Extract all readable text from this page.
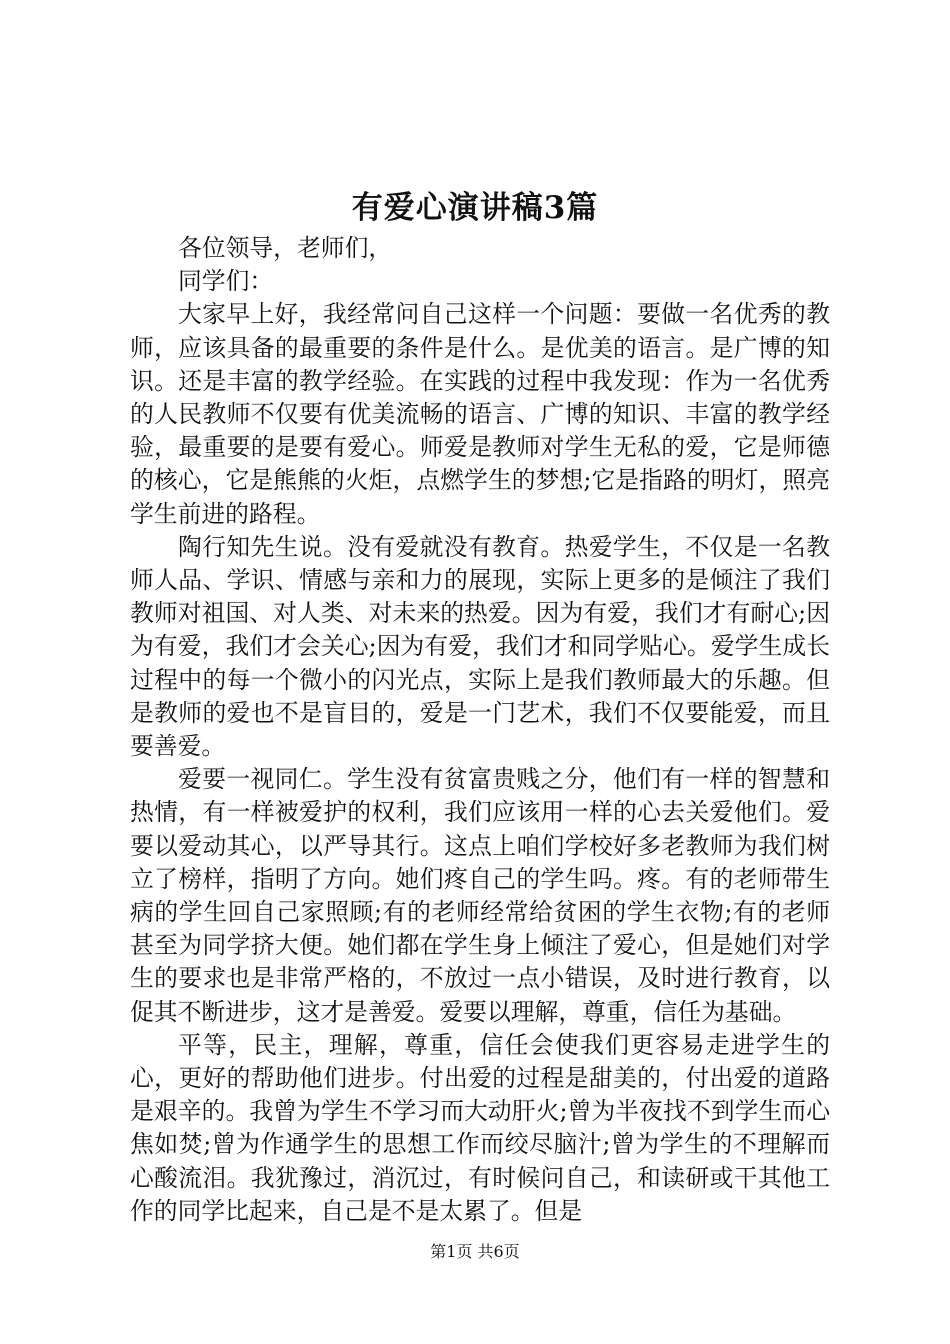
有爱心演讲稿3篇

各位领导，老师们，

同学们：

大家早上好，我经常问自己这样一个问题：要做一名优秀的教师，应该具备的最重要的条件是什么。是优美的语言。是广博的知识。还是丰富的教学经验。在实践的过程中我发现：作为一名优秀的人民教师不仅要有优美流畅的语言、广博的知识、丰富的教学经验，最重要的是要有爱心。师爱是教师对学生无私的爱，它是师德的核心，它是熊熊的火炬，点燃学生的梦想;它是指路的明灯，照亮学生前进的路程。

陶行知先生说。没有爱就没有教育。热爱学生，不仅是一名教师人品、学识、情感与亲和力的展现，实际上更多的是倾注了我们教师对祖国、对人类、对未来的热爱。因为有爱，我们才有耐心;因为有爱，我们才会关心;因为有爱，我们才和同学贴心。爱学生成长过程中的每一个微小的闪光点，实际上是我们教师最大的乐趣。但是教师的爱也不是盲目的，爱是一门艺术，我们不仅要能爱，而且要善爱。

爱要一视同仁。学生没有贫富贵贱之分，他们有一样的智慧和热情，有一样被爱护的权利，我们应该用一样的心去关爱他们。爱要以爱动其心，以严导其行。这点上咱们学校好多老教师为我们树立了榜样，指明了方向。她们疼自己的学生吗。疼。有的老师带生病的学生回自己家照顾;有的老师经常给贫困的学生衣物;有的老师甚至为同学挤大便。她们都在学生身上倾注了爱心，但是她们对学生的要求也是非常严格的，不放过一点小错误，及时进行教育，以促其不断进步，这才是善爱。爱要以理解，尊重，信任为基础。

平等，民主，理解，尊重，信任会使我们更容易走进学生的心，更好的帮助他们进步。付出爱的过程是甜美的，付出爱的道路是艰辛的。我曾为学生不学习而大动肝火;曾为半夜找不到学生而心焦如焚;曾为作通学生的思想工作而绞尽脑汁;曾为学生的不理解而心酸流泪。我犹豫过，消沉过，有时候问自己，和读研或干其他工作的同学比起来，自己是不是太累了。但是

第1页 共6页
